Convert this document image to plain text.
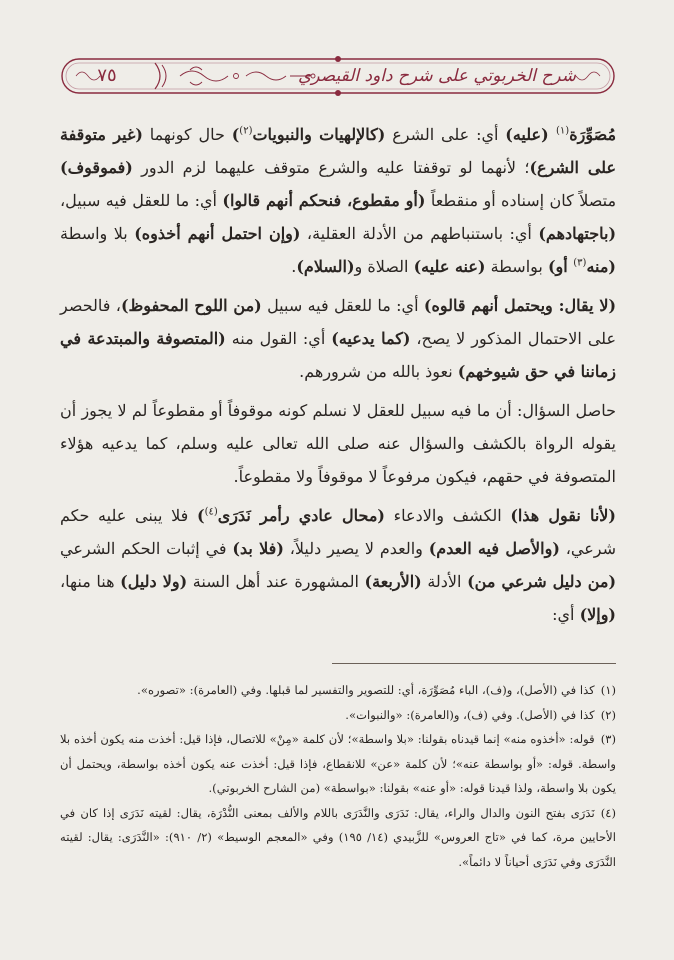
شرح الخربوتي على شرح داود القيصري
٧٥

مُصَوِّرَة$^{(١)}$ (عليه) أي: على الشرع (كالإلهيات والنبويات$^{(٢)}$) حال كونهما (غير متوقفة على الشرع)؛ لأنهما لو توقفتا عليه والشرع متوقف عليهما لزم الدور (فموقوف) متصلاً كان إسناده أو منقطعاً (أو مقطوع، فنحكم أنهم قالوا) أي: ما للعقل فيه سبيل، (باجتهادهم) أي: باستنباطهم من الأدلة العقلية، (وإن احتمل أنهم أخذوه) بلا واسطة (منه$^{(٣)}$ أو) بواسطة (عنه عليه) الصلاة و(السلام).

(لا يقال: ويحتمل أنهم قالوه) أي: ما للعقل فيه سبيل (من اللوح المحفوظ)، فالحصر على الاحتمال المذكور لا يصح، (كما يدعيه) أي: القول منه (المتصوفة والمبتدعة في زماننا في حق شيوخهم) نعوذ بالله من شرورهم.

حاصل السؤال: أن ما فيه سبيل للعقل لا نسلم كونه موقوفاً أو مقطوعاً لم لا يجوز أن يقوله الرواة بالكشف والسؤال عنه صلى الله تعالى عليه وسلم، كما يدعيه هؤلاء المتصوفة في حقهم، فيكون مرفوعاً لا موقوفاً ولا مقطوعاً.

(لأنا نقول هذا) الكشف والادعاء (محال عادي رأمر نَدَرَى$^{(٤)}$) فلا يبنى عليه حكم شرعي، (والأصل فيه العدم) والعدم لا يصير دليلاً، (فلا بد) في إثبات الحكم الشرعي (من دليل شرعي من) الأدلة (الأربعة) المشهورة عند أهل السنة (ولا دليل) هنا منها، (وإلا) أي:

(١)كذا في (الأصل)، و(ف)، الباء مُصَوِّرَة، أي: للتصوير والتفسير لما قبلها. وفي (العامرة): «تصوره».

(٢)كذا في (الأصل). وفي (ف)، و(العامرة): «والنبوات».

(٣)قوله: «أخذوه منه» إنما قيدناه بقولنا: «بلا واسطة»؛ لأن كلمة «مِنْ» للاتصال، فإذا قيل: أخذت منه يكون أخذه بلا واسطة. قوله: «أو بواسطة عنه»؛ لأن كلمة «عن» للانقطاع، فإذا قيل: أخذت عنه يكون أخذه بواسطة، ويحتمل أن يكون بلا واسطة، ولذا قيدنا قوله: «أو عنه» بقولنا: «بواسطة» (من الشارح الخربوتي).

(٤)نَدَرَى بفتح النون والدال والراء، يقال: نَدَرَى والنَّدَرَى باللام والألف بمعنى النُّدْرَة، يقال: لقيته نَدَرَى إذا كان في الأحايين مرة، كما في «تاج العروس» للزَّبيدي (١٤/ ١٩٥) وفي «المعجم الوسيط» (٢/ ٩١٠): «النَّدَرَى: يقال: لقيته النَّدَرَى وفي نَدَرَى أحياناً لا دائماً».
